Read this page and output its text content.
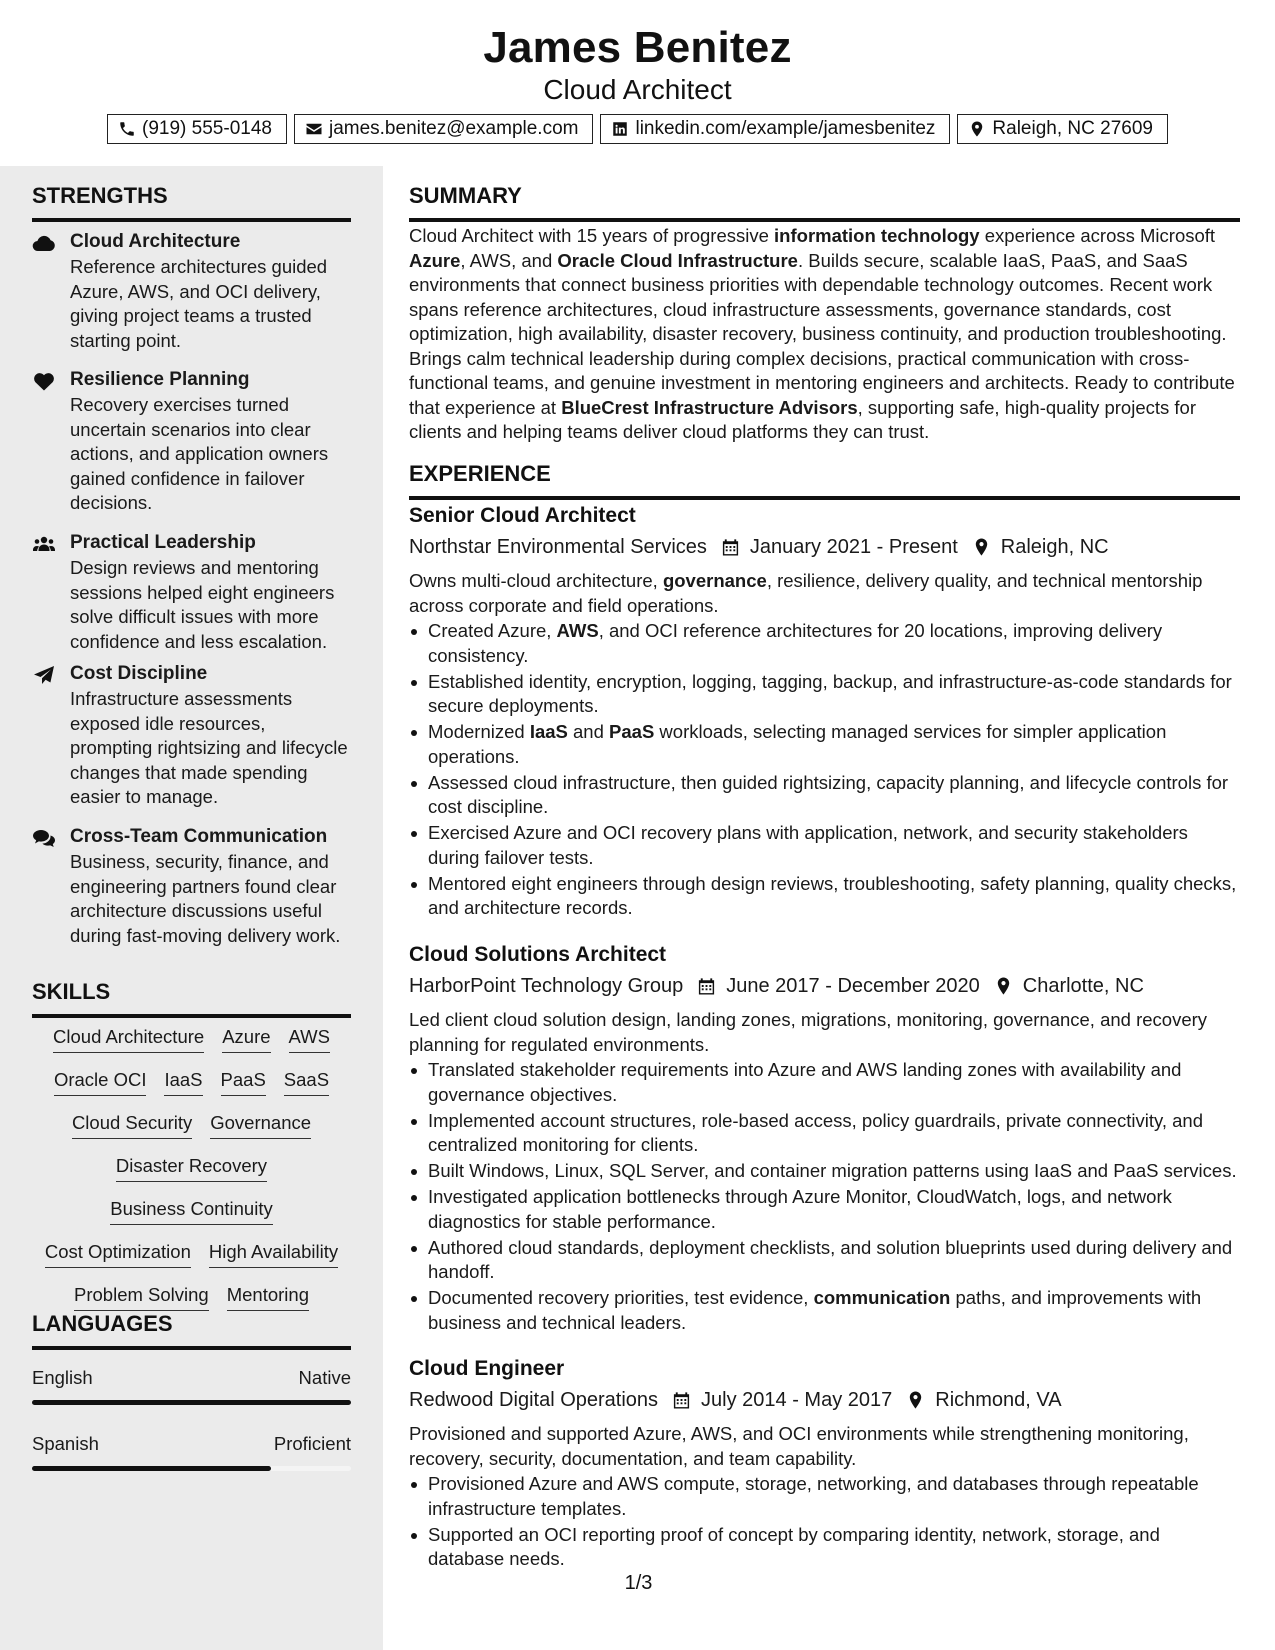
James Benitez
Cloud Architect
(919) 555-0148	james.benitez@example.com	linkedin.com/example/jamesbenitez	Raleigh, NC 27609
STRENGTHS
Cloud Architecture
Reference architectures guided Azure, AWS, and OCI delivery, giving project teams a trusted starting point.
Resilience Planning
Recovery exercises turned uncertain scenarios into clear actions, and application owners gained confidence in failover decisions.
Practical Leadership
Design reviews and mentoring sessions helped eight engineers solve difficult issues with more confidence and less escalation.
Cost Discipline
Infrastructure assessments exposed idle resources, prompting rightsizing and lifecycle changes that made spending easier to manage.
Cross-Team Communication
Business, security, finance, and engineering partners found clear architecture discussions useful during fast-moving delivery work.
SKILLS
Cloud Architecture Azure AWS
Oracle OCI IaaS PaaS SaaS
Cloud Security Governance
Disaster Recovery
Business Continuity
Cost Optimization High Availability
Problem Solving Mentoring
LANGUAGES
English	Native
Spanish	Proficient
SUMMARY
Cloud Architect with 15 years of progressive information technology experience across Microsoft Azure, AWS, and Oracle Cloud Infrastructure. Builds secure, scalable IaaS, PaaS, and SaaS environments that connect business priorities with dependable technology outcomes. Recent work spans reference architectures, cloud infrastructure assessments, governance standards, cost optimization, high availability, disaster recovery, business continuity, and production troubleshooting. Brings calm technical leadership during complex decisions, practical communication with cross-functional teams, and genuine investment in mentoring engineers and architects. Ready to contribute that experience at BlueCrest Infrastructure Advisors, supporting safe, high-quality projects for clients and helping teams deliver cloud platforms they can trust.
EXPERIENCE
Senior Cloud Architect
Northstar Environmental Services January 2021 - Present Raleigh, NC
Owns multi-cloud architecture, governance, resilience, delivery quality, and technical mentorship across corporate and field operations.
Created Azure, AWS, and OCI reference architectures for 20 locations, improving delivery consistency.
Established identity, encryption, logging, tagging, backup, and infrastructure-as-code standards for secure deployments.
Modernized IaaS and PaaS workloads, selecting managed services for simpler application operations.
Assessed cloud infrastructure, then guided rightsizing, capacity planning, and lifecycle controls for cost discipline.
Exercised Azure and OCI recovery plans with application, network, and security stakeholders during failover tests.
Mentored eight engineers through design reviews, troubleshooting, safety planning, quality checks, and architecture records.
Cloud Solutions Architect
HarborPoint Technology Group June 2017 - December 2020 Charlotte, NC
Led client cloud solution design, landing zones, migrations, monitoring, governance, and recovery planning for regulated environments.
Translated stakeholder requirements into Azure and AWS landing zones with availability and governance objectives.
Implemented account structures, role-based access, policy guardrails, private connectivity, and centralized monitoring for clients.
Built Windows, Linux, SQL Server, and container migration patterns using IaaS and PaaS services.
Investigated application bottlenecks through Azure Monitor, CloudWatch, logs, and network diagnostics for stable performance.
Authored cloud standards, deployment checklists, and solution blueprints used during delivery and handoff.
Documented recovery priorities, test evidence, communication paths, and improvements with business and technical leaders.
Cloud Engineer
Redwood Digital Operations July 2014 - May 2017 Richmond, VA
Provisioned and supported Azure, AWS, and OCI environments while strengthening monitoring, recovery, security, documentation, and team capability.
Provisioned Azure and AWS compute, storage, networking, and databases through repeatable infrastructure templates.
Supported an OCI reporting proof of concept by comparing identity, network, storage, and database needs.
1/3
